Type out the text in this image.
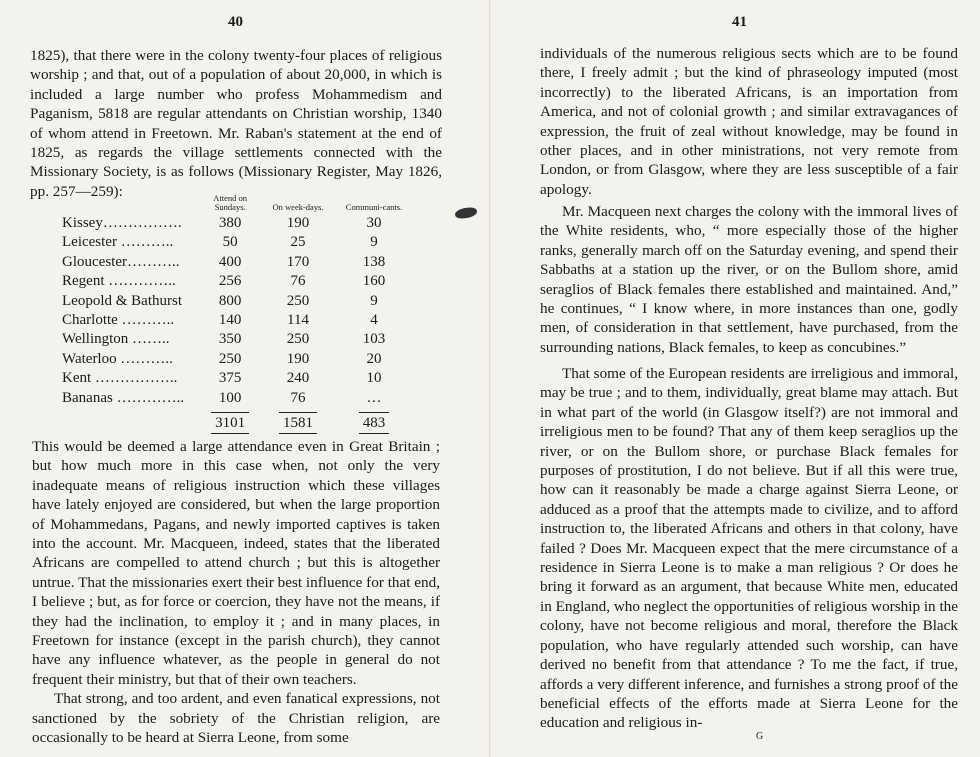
40

1825), that there were in the colony twenty-four places of religious worship ; and that, out of a population of about 20,000, in which is included a large number who profess Mohammedism and Paganism, 5818 are regular attendants on Christian worship, 1340 of whom attend in Freetown. Mr. Raban's statement at the end of 1825, as regards the village settlements connected with the Missionary Society, is as follows (Missionary Register, May 1826, pp. 257—259):

		Attend on Sundays.	On week-days.	Communi-cants.
Kissey…………….	380	190	30
Leicester ………..	50	25	9
Gloucester………..	400	170	138
Regent …………..	256	76	160
Leopold & Bathurst	800	250	9
Charlotte ………..	140	114	4
Wellington ……..	350	250	103
Waterloo ………..	250	190	20
Kent ……………..	375	240	10
Bananas …………..	100	76	…
	3101	1581	483

This would be deemed a large attendance even in Great Britain ; but how much more in this case when, not only the very inadequate means of religious instruction which these villages have lately enjoyed are considered, but when the large proportion of Mohammedans, Pagans, and newly imported captives is taken into the account. Mr. Macqueen, indeed, states that the liberated Africans are compelled to attend church ; but this is altogether untrue. That the missionaries exert their best influence for that end, I believe ; but, as for force or coercion, they have not the means, if they had the inclination, to employ it ; and in many places, in Freetown for instance (except in the parish church), they cannot have any influence whatever, as the people in general do not frequent their ministry, but that of their own teachers.

That strong, and too ardent, and even fanatical expressions, not sanctioned by the sobriety of the Christian religion, are occasionally to be heard at Sierra Leone, from some

41

individuals of the numerous religious sects which are to be found there, I freely admit ; but the kind of phraseology imputed (most incorrectly) to the liberated Africans, is an importation from America, and not of colonial growth ; and similar extravagances of expression, the fruit of zeal without knowledge, may be found in other places, and in other ministrations, not very remote from London, or from Glasgow, where they are less susceptible of a fair apology.

Mr. Macqueen next charges the colony with the immoral lives of the White residents, who, “ more especially those of the higher ranks, generally march off on the Saturday evening, and spend their Sabbaths at a station up the river, or on the Bullom shore, amid seraglios of Black females there established and maintained. And,” he continues, “ I know where, in more instances than one, godly men, of consideration in that settlement, have purchased, from the surrounding nations, Black females, to keep as concubines.”

That some of the European residents are irreligious and immoral, may be true ; and to them, individually, great blame may attach. But in what part of the world (in Glasgow itself?) are not immoral and irreligious men to be found? That any of them keep seraglios up the river, or on the Bullom shore, or purchase Black females for purposes of prostitution, I do not believe. But if all this were true, how can it reasonably be made a charge against Sierra Leone, or adduced as a proof that the attempts made to civilize, and to afford instruction to, the liberated Africans and others in that colony, have failed ? Does Mr. Macqueen expect that the mere circumstance of a residence in Sierra Leone is to make a man religious ? Or does he bring it forward as an argument, that because White men, educated in England, who neglect the opportunities of religious worship in the colony, have not become religious and moral, therefore the Black population, who have regularly attended such worship, can have derived no benefit from that attendance ? To me the fact, if true, affords a very different inference, and furnishes a strong proof of the beneficial effects of the efforts made at Sierra Leone for the education and religious in-

G
